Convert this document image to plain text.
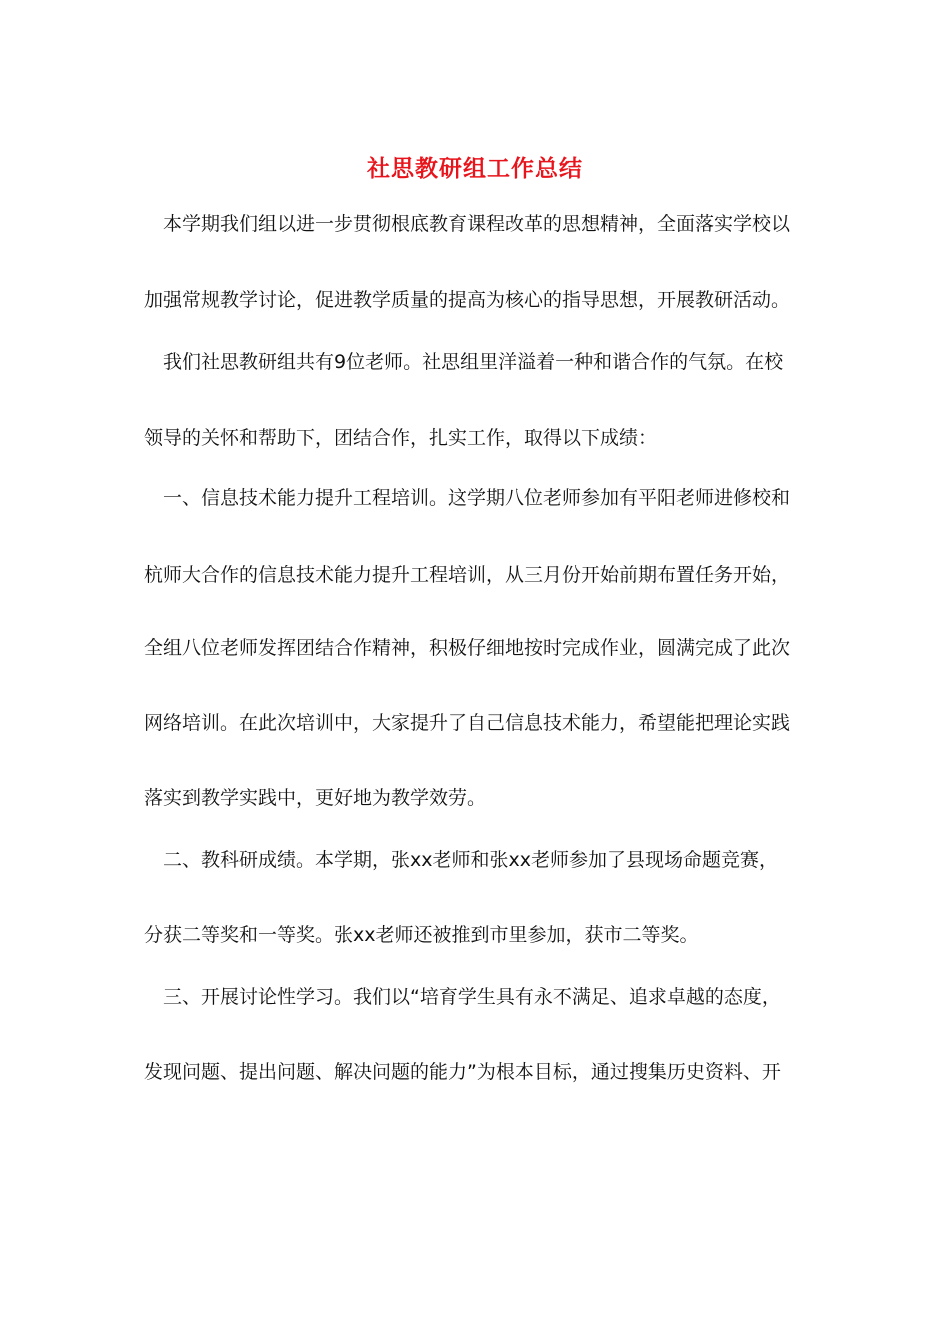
社思教研组工作总结
本学期我们组以进一步贯彻根底教育课程改革的思想精神，全面落实学校以
加强常规教学讨论，促进教学质量的提高为核心的指导思想，开展教研活动。
我们社思教研组共有9位老师。社思组里洋溢着一种和谐合作的气氛。在校
领导的关怀和帮助下，团结合作，扎实工作，取得以下成绩：
一、信息技术能力提升工程培训。这学期八位老师参加有平阳老师进修校和
杭师大合作的信息技术能力提升工程培训，从三月份开始前期布置任务开始，
全组八位老师发挥团结合作精神，积极仔细地按时完成作业，圆满完成了此次
网络培训。在此次培训中，大家提升了自己信息技术能力，希望能把理论实践
落实到教学实践中，更好地为教学效劳。
二、教科研成绩。本学期，张xx老师和张xx老师参加了县现场命题竞赛，
分获二等奖和一等奖。张xx老师还被推到市里参加，获市二等奖。
三、开展讨论性学习。我们以“培育学生具有永不满足、追求卓越的态度，
发现问题、提出问题、解决问题的能力”为根本目标，通过搜集历史资料、开
